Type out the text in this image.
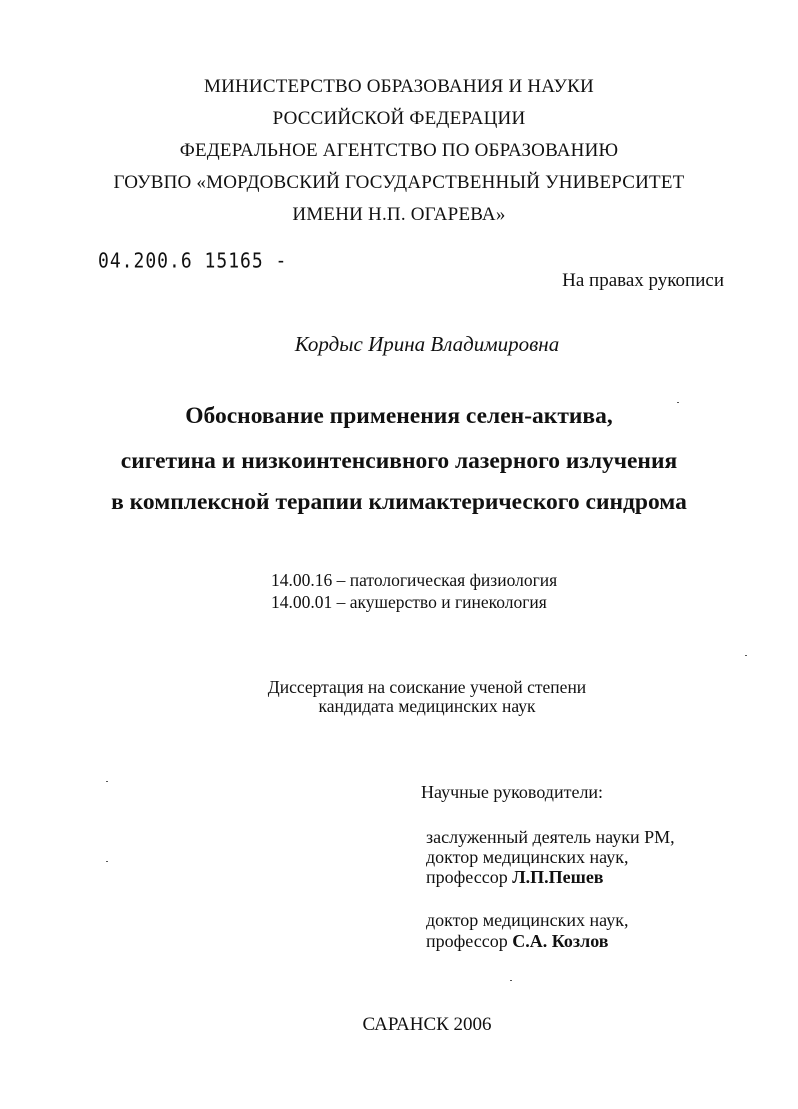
МИНИСТЕРСТВО ОБРАЗОВАНИЯ И НАУКИ
РОССИЙСКОЙ ФЕДЕРАЦИИ
ФЕДЕРАЛЬНОЕ АГЕНТСТВО ПО ОБРАЗОВАНИЮ
ГОУВПО «МОРДОВСКИЙ ГОСУДАРСТВЕННЫЙ УНИВЕРСИТЕТ
ИМЕНИ Н.П. ОГАРЕВА»
04.200.6 15165 -
На правах рукописи
Кордыс Ирина Владимировна
Обоснование применения селен-актива,
сигетина и низкоинтенсивного лазерного излучения
в комплексной терапии климактерического синдрома
14.00.16 – патологическая физиология
14.00.01 – акушерство и гинекология
Диссертация на соискание ученой степени
кандидата медицинских наук
Научные руководители:
заслуженный деятель науки РМ,
доктор медицинских наук,
профессор Л.П.Пешев
доктор медицинских наук,
профессор С.А. Козлов
САРАНСК 2006
